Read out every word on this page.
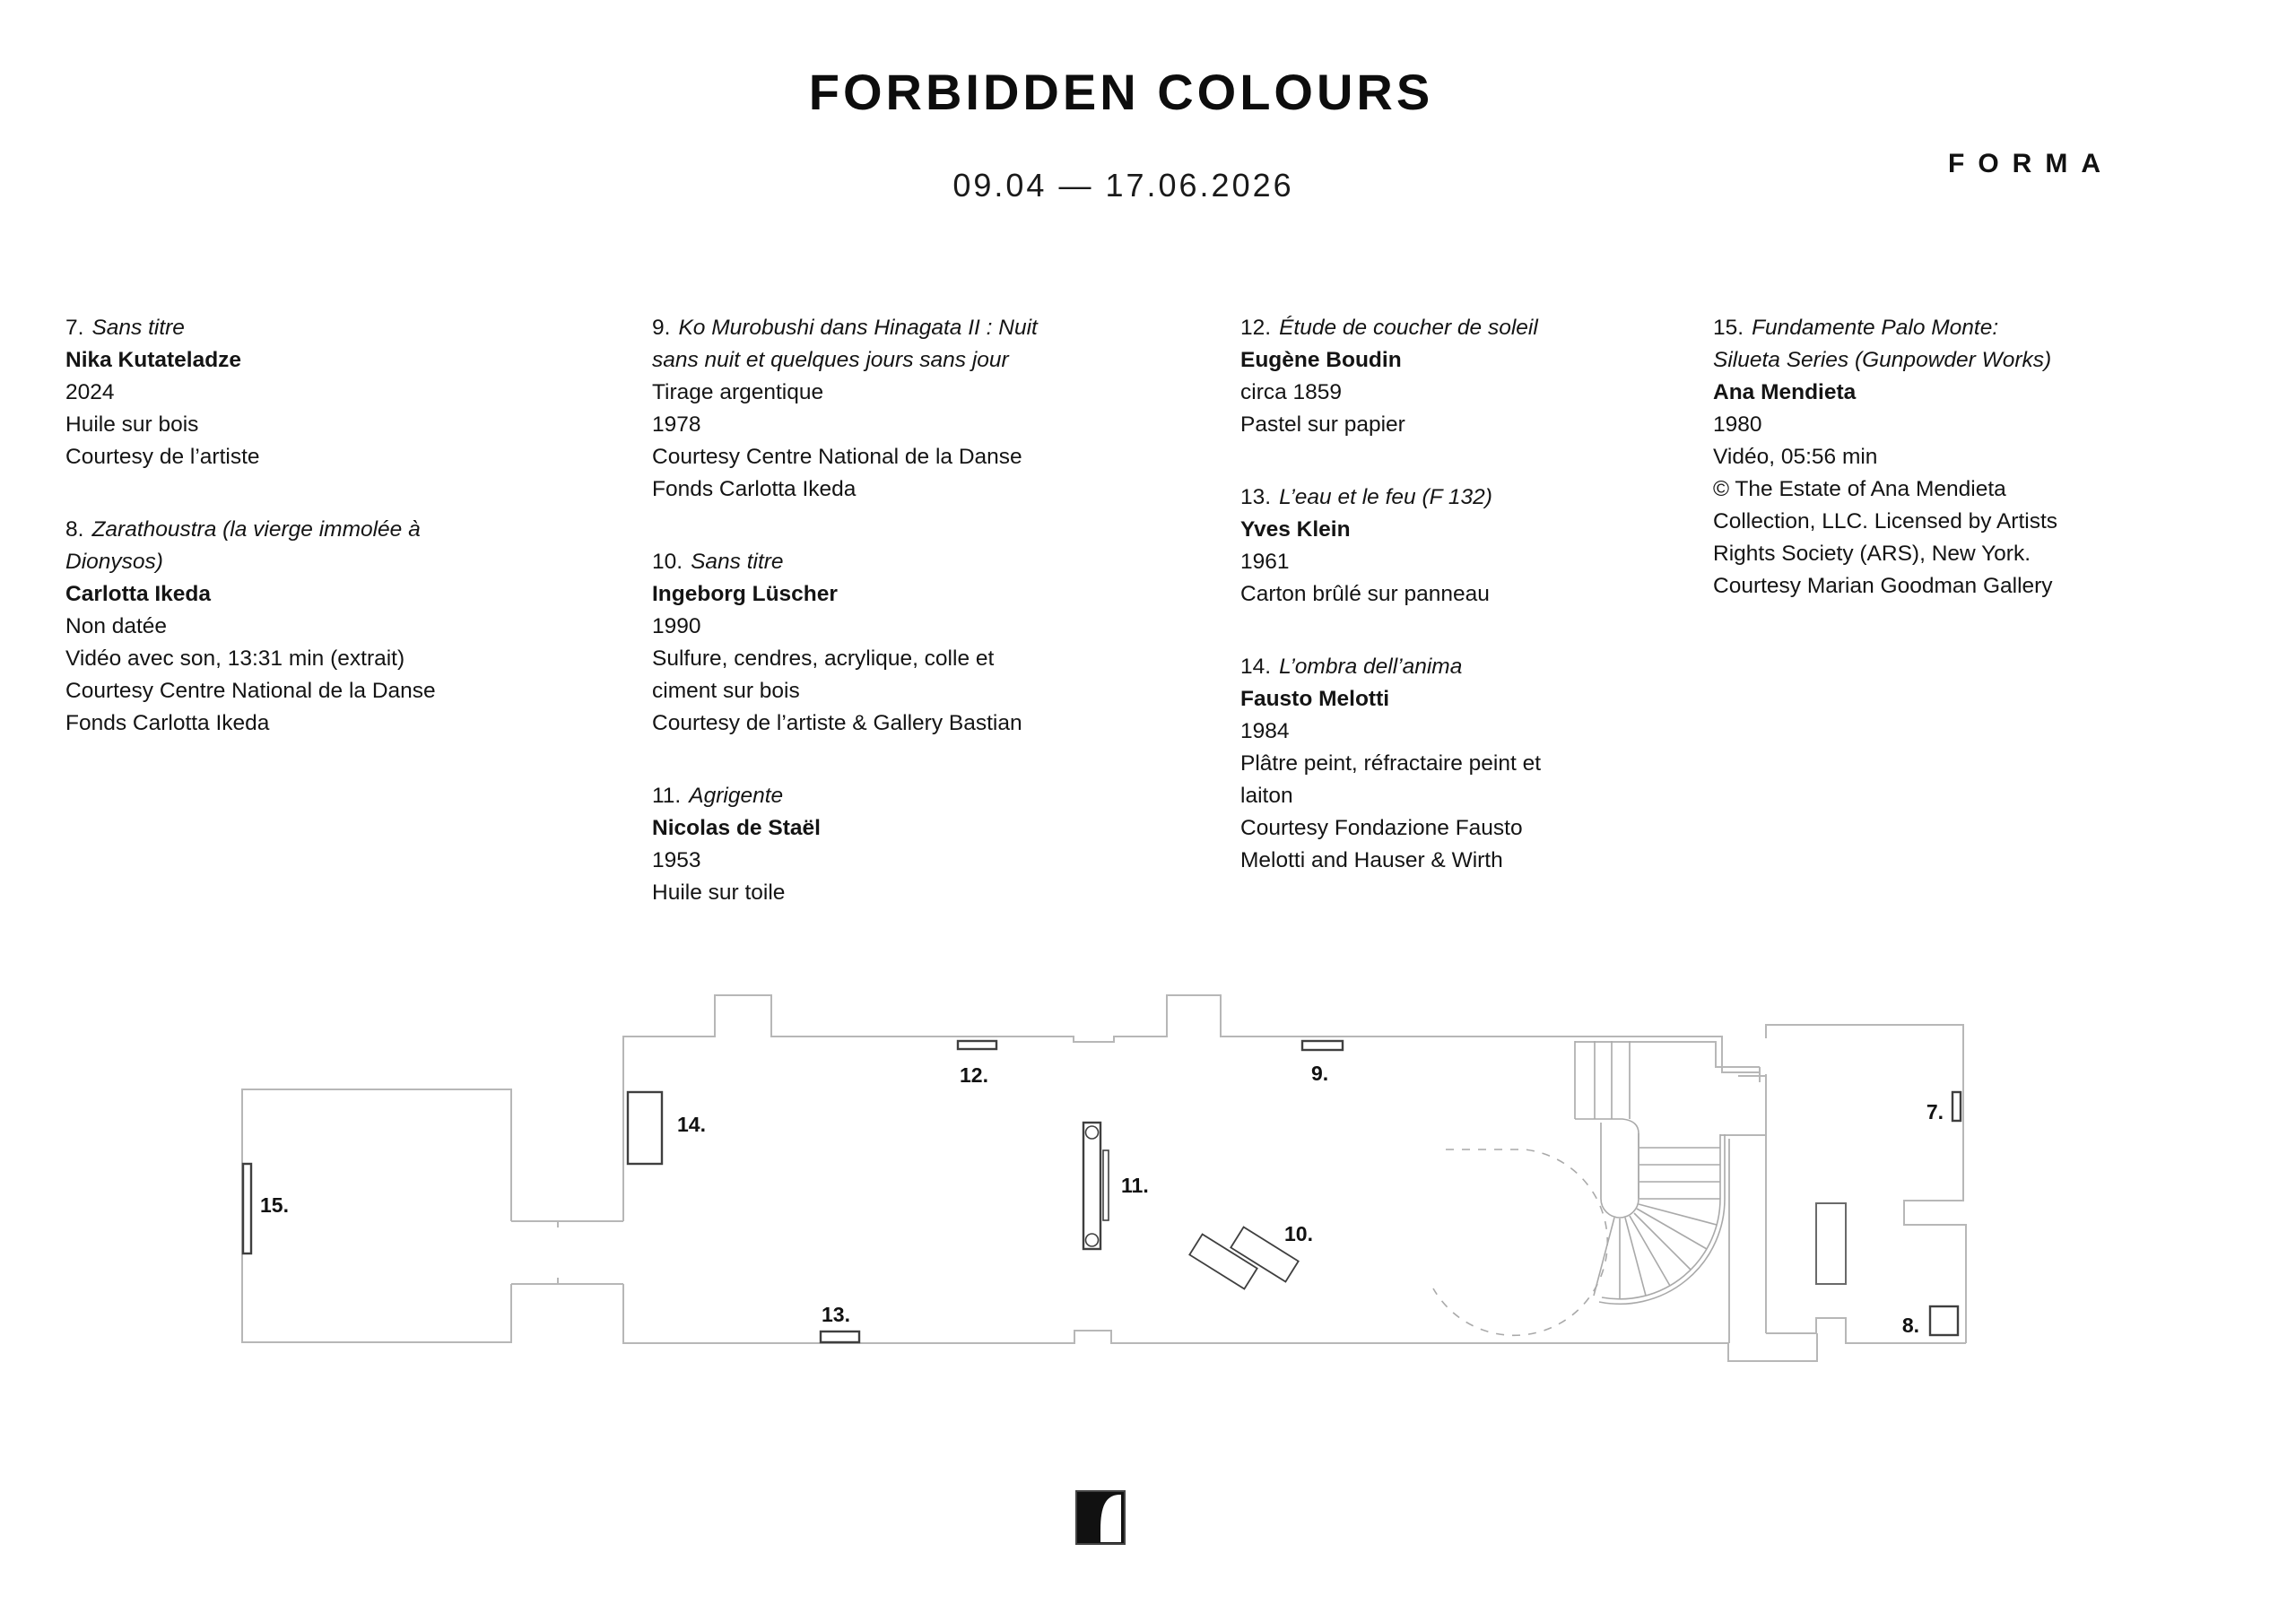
FORBIDDEN COLOURS
09.04 — 17.06.2026
FORMA
7. Sans titre
Nika Kutateladze
2024
Huile sur bois
Courtesy de l’artiste
8. Zarathoustra (la vierge immolée à
Dionysos)
Carlotta Ikeda
Non datée
Vidéo avec son, 13:31 min (extrait)
Courtesy Centre National de la Danse
Fonds Carlotta Ikeda
9. Ko Murobushi dans Hinagata II : Nuit
sans nuit et quelques jours sans jour
Tirage argentique
1978
Courtesy Centre National de la Danse
Fonds Carlotta Ikeda
10. Sans titre
Ingeborg Lüscher
1990
Sulfure, cendres, acrylique, colle et
ciment sur bois
Courtesy de l’artiste & Gallery Bastian
11. Agrigente
Nicolas de Staël
1953
Huile sur toile
12. Étude de coucher de soleil
Eugène Boudin
circa 1859
Pastel sur papier
13. L’eau et le feu (F 132)
Yves Klein
1961
Carton brûlé sur panneau
14. L’ombra dell’anima
Fausto Melotti
1984
Plâtre peint, réfractaire peint et
laiton
Courtesy Fondazione Fausto
Melotti and Hauser & Wirth
15. Fundamente Palo Monte:
Silueta Series (Gunpowder Works)
Ana Mendieta
1980
Vidéo, 05:56 min
© The Estate of Ana Mendieta
Collection, LLC. Licensed by Artists
Rights Society (ARS), New York.
Courtesy Marian Goodman Gallery
15.
14.
12.	9.
11.
10.
13.
7.
8.
